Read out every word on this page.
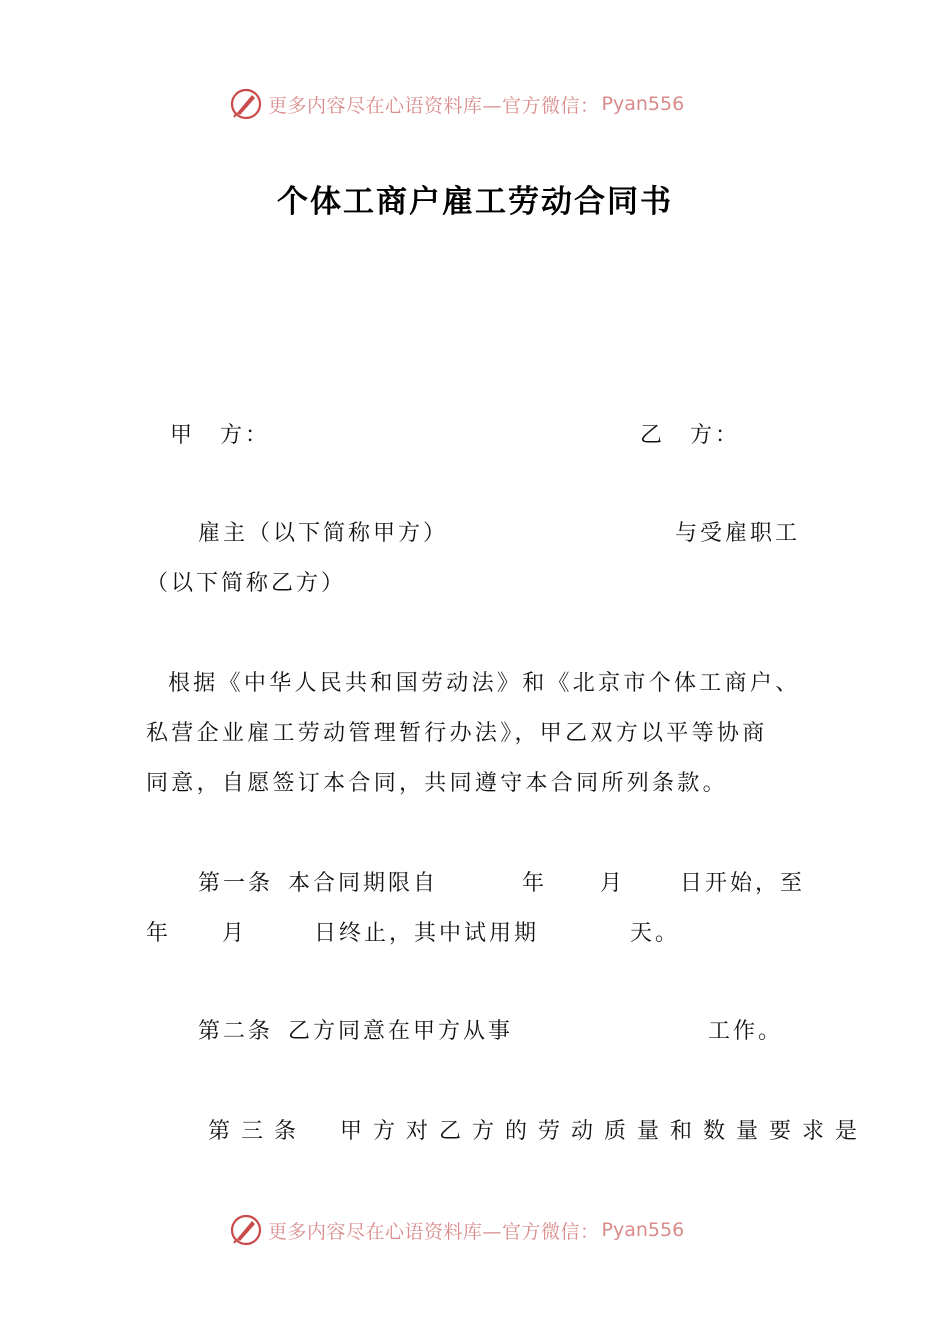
更多内容尽在心语资料库—官方微信： Pyan556
个体工商户雇工劳动合同书
甲　方：	乙　方：
雇主（以下简称甲方）	与受雇职工
（以下简称乙方）
根据《中华人民共和国劳动法》和《北京市个体工商户、
私营企业雇工劳动管理暂行办法》，甲乙双方以平等协商
同意，自愿签订本合同，共同遵守本合同所列条款。
第一条 本合同期限自	年 月 日开始，至
年 月	日终止，其中试用期	天。
第二条 乙方同意在甲方从事	工作。
第三条　甲方对乙方的劳动质量和数量要求是
更多内容尽在心语资料库—官方微信： Pyan556
